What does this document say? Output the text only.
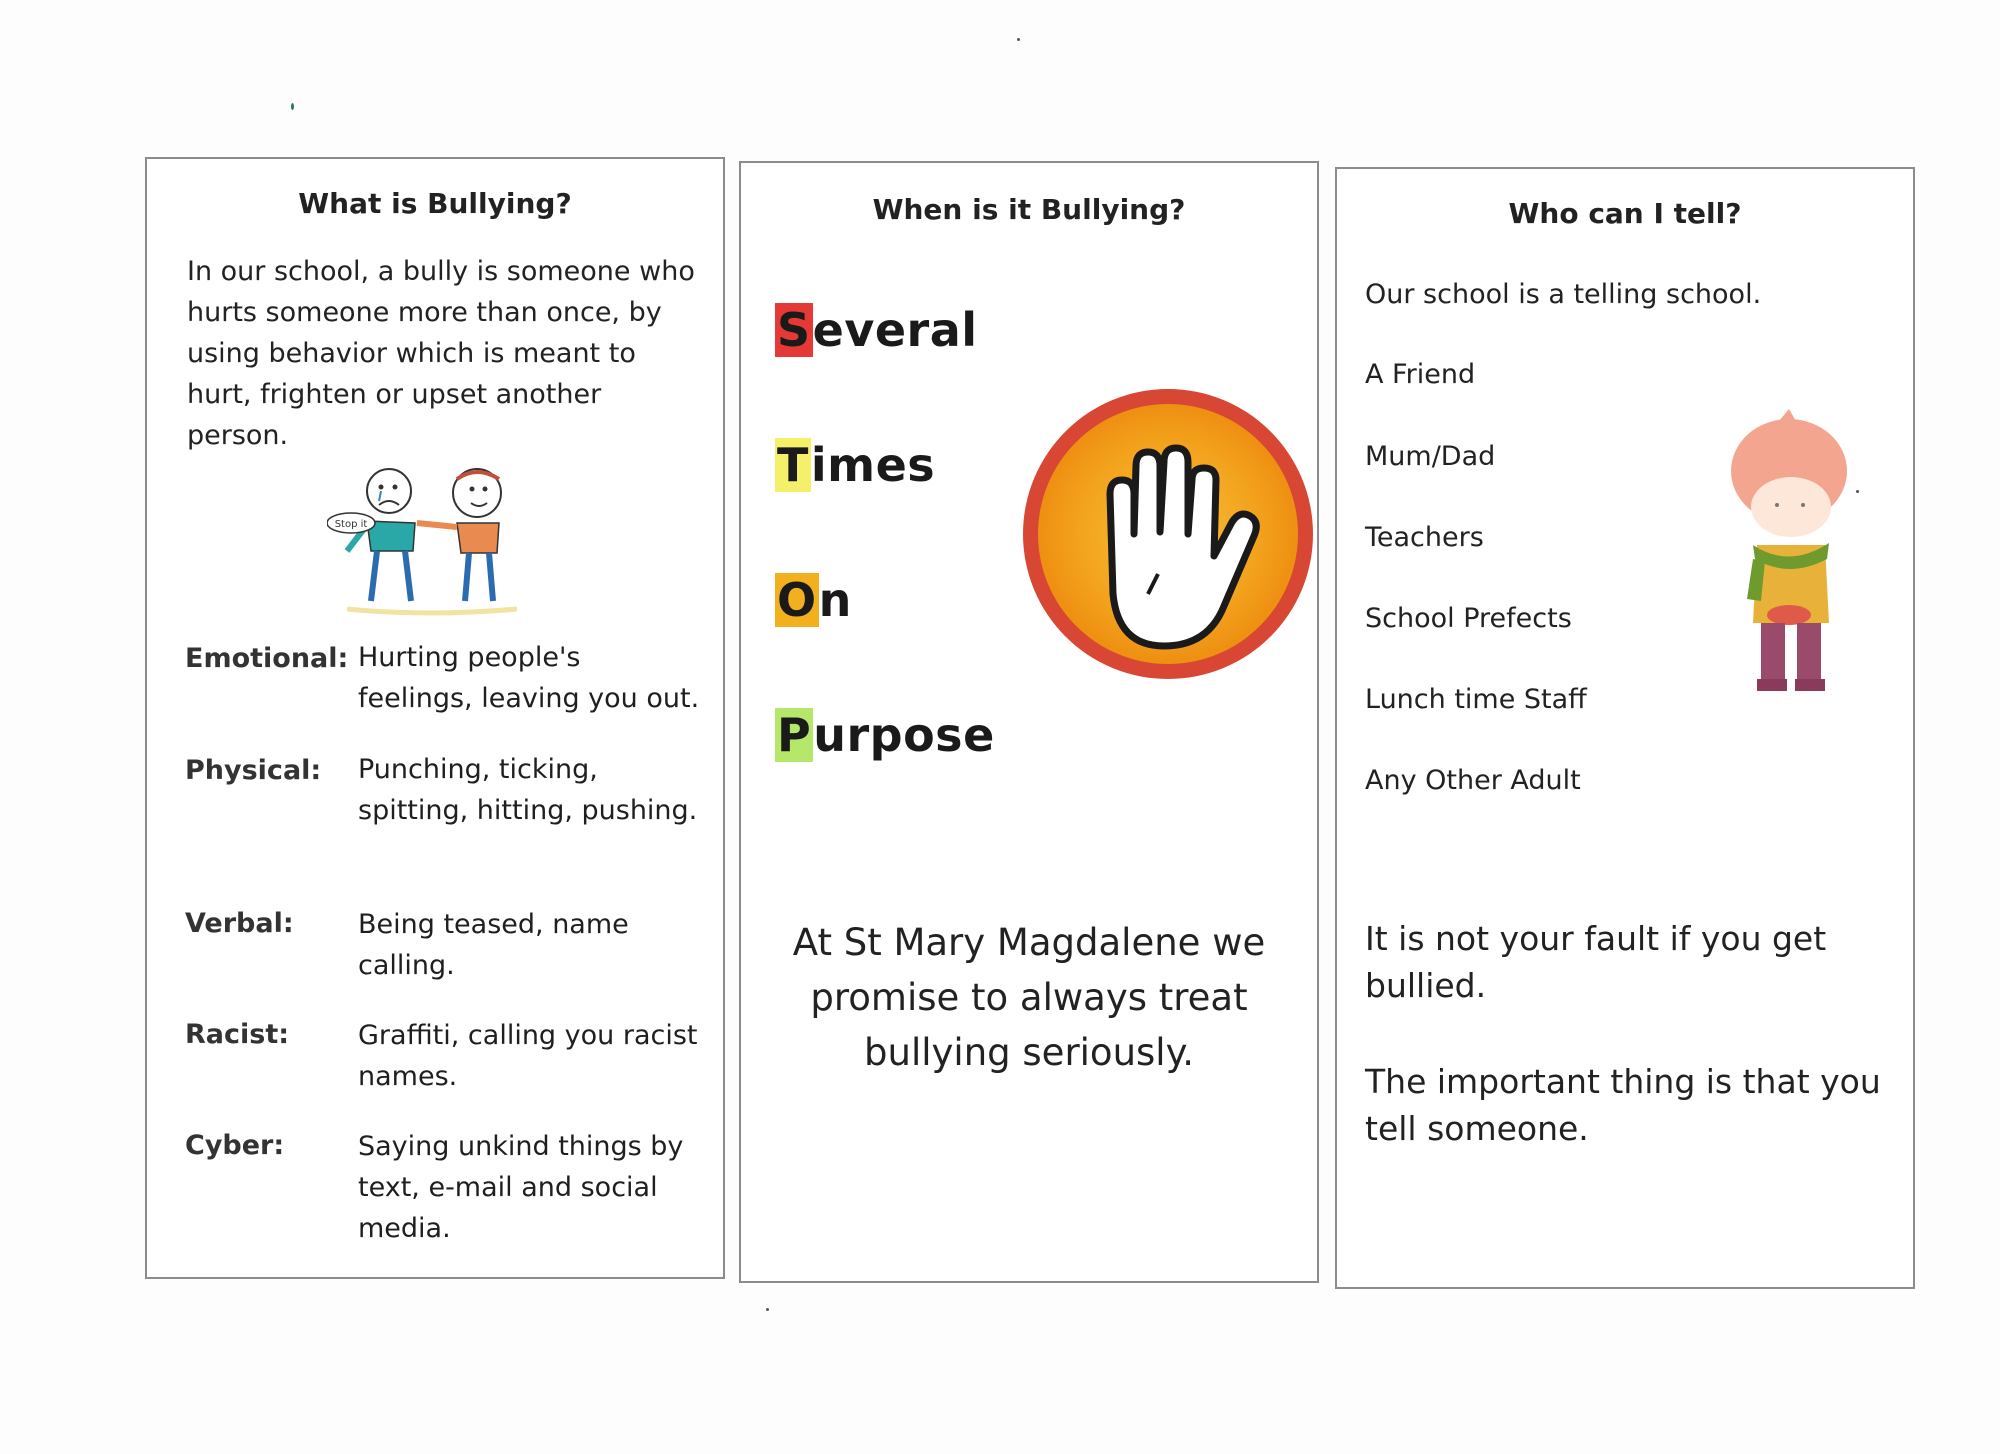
What is Bullying?
In our school, a bully is someone who hurts someone more than once, by using behavior which is meant to hurt, frighten or upset another person.
Stop it
Emotional: Hurting people's feelings, leaving you out.
Physical: Punching, ticking, spitting, hitting, pushing.
Verbal: Being teased, name calling.
Racist:	Graffiti, calling you racist names.
Cyber:	Saying unkind things by text, e-mail and social media.
When is it Bullying?
Several
Times
On
Purpose
At St Mary Magdalene we promise to always treat bullying seriously.
Who can I tell?
Our school is a telling school.
A Friend
Mum/Dad
Teachers
School Prefects
Lunch time Staff
Any Other Adult
It is not your fault if you get bullied.
The important thing is that you tell someone.
